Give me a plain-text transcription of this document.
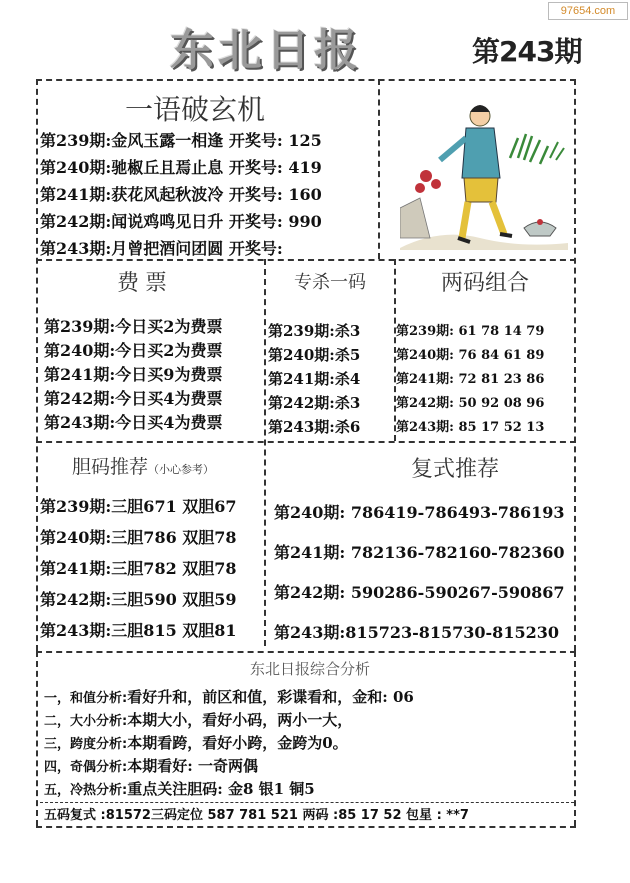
97654.com
东北日报	第243期
一语破玄机
第239期:金风玉露一相逢 开奖号: 125
第240期:驰椒丘且焉止息 开奖号: 419
第241期:获花风起秋波冷 开奖号: 160
第242期:闻说鸡鸣见日升 开奖号: 990
第243期:月曾把酒问团圆 开奖号:
费票
第239期:今日买2为费票
第240期:今日买2为费票
第241期:今日买9为费票
第242期:今日买4为费票
第243期:今日买4为费票
专杀一码
第239期:杀3
第240期:杀5
第241期:杀4
第242期:杀3
第243期:杀6
两码组合
第239期: 61 78 14 79
第240期: 76 84 61 89
第241期: 72 81 23 86
第242期: 50 92 08 96
第243期: 85 17 52 13
胆码推荐（小心参考）
第239期:三胆671 双胆67
第240期:三胆786 双胆78
第241期:三胆782 双胆78
第242期:三胆590 双胆59
第243期:三胆815 双胆81
复式推荐
第240期: 786419-786493-786193
第241期: 782136-782160-782360
第242期: 590286-590267-590867
第243期:815723-815730-815230
东北日报综合分析
一，和值分析:看好升和，前区和值，彩谍看和，金和: 06
二，大小分析:本期大小，看好小码，两小一大，
三，跨度分析:本期看跨，看好小跨，金跨为0。
四，奇偶分析:本期看好: 一奇两偶
五，冷热分析:重点关注胆码: 金8 银1 铜5
五码复式 :81572三码定位 587 781 521 两码 :85 17 52 包星 : **7
